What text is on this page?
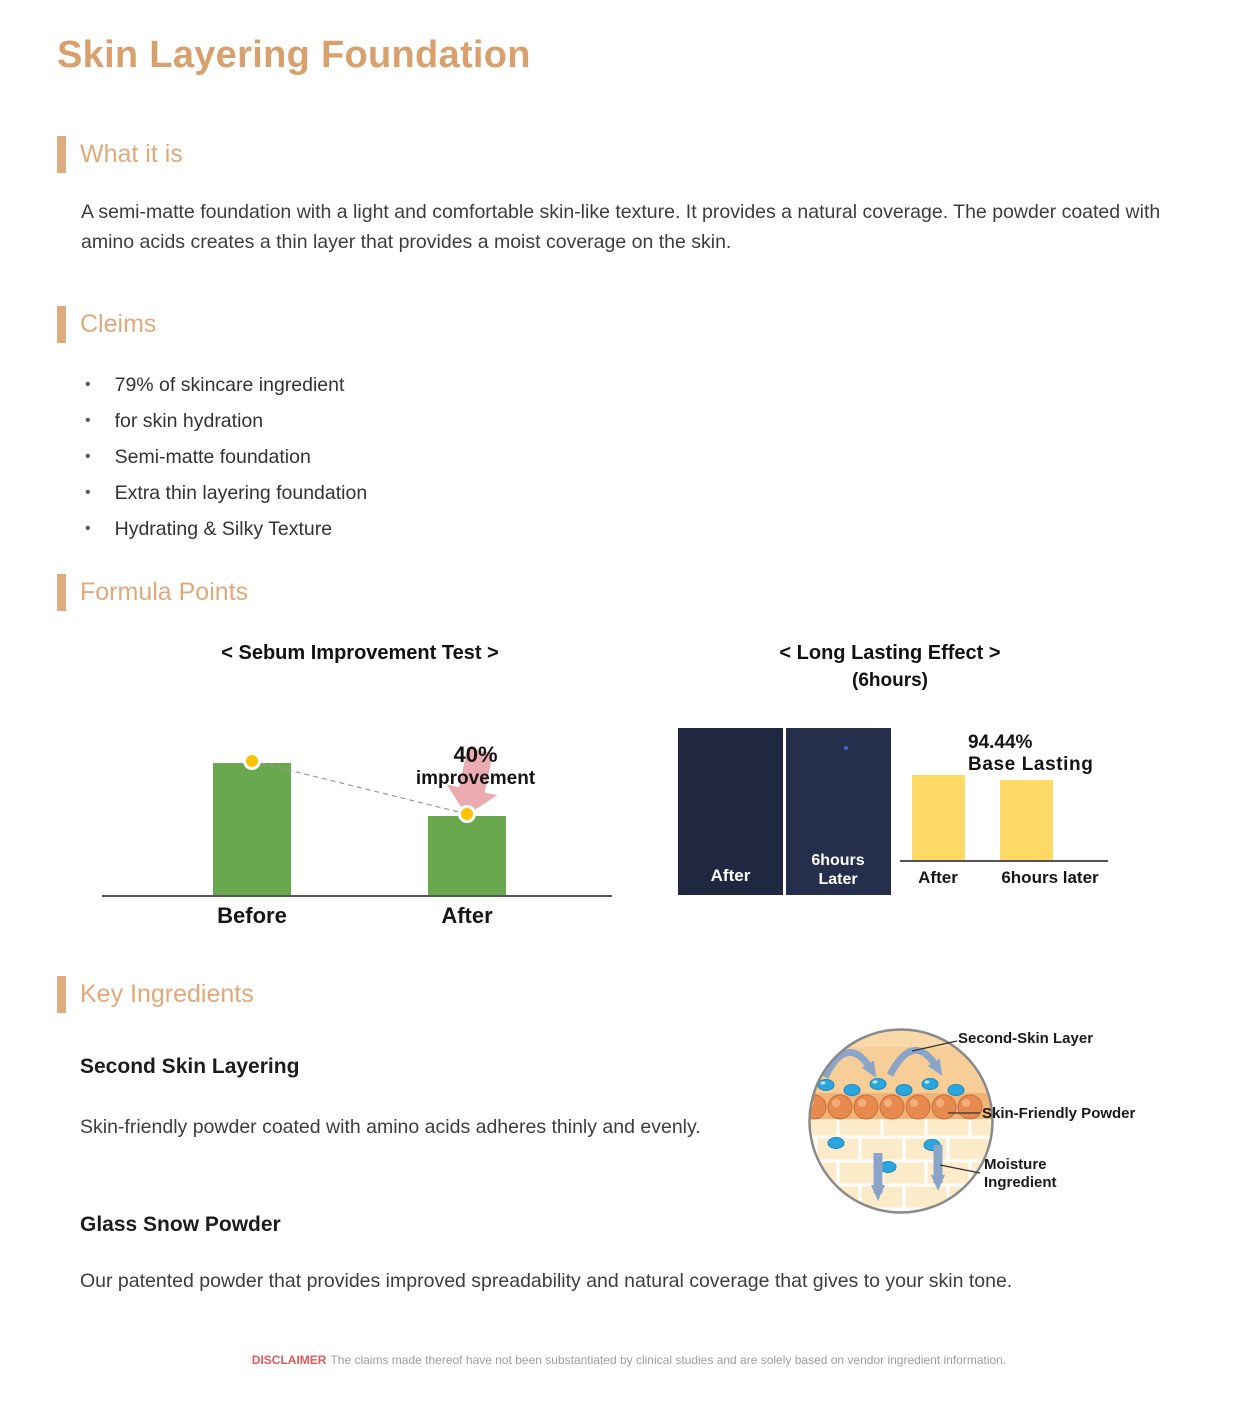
Skin Layering Foundation
What it is
A semi-matte foundation with a light and comfortable skin-like texture. It provides a natural coverage. The powder coated with amino acids creates a thin layer that provides a moist coverage on the skin.
Cleims
• 79% of skincare ingredient
• for skin hydration
• Semi-matte foundation
• Extra thin layering foundation
• Hydrating & Silky Texture
Formula Points
< Sebum Improvement Test >
40%
improvement
Before	After
< Long Lasting Effect >
(6hours)
After
6hours Later
94.44%
Base Lasting
After	6hours later
Key Ingredients
Second Skin Layering
Skin-friendly powder coated with amino acids adheres thinly and evenly.
Glass Snow Powder
Our patented powder that provides improved spreadability and natural coverage that gives to your skin tone.
Second-Skin Layer
Skin-Friendly Powder
Moisture Ingredient
DISCLAIMER The claims made thereof have not been substantiated by clinical studies and are solely based on vendor ingredient information.
